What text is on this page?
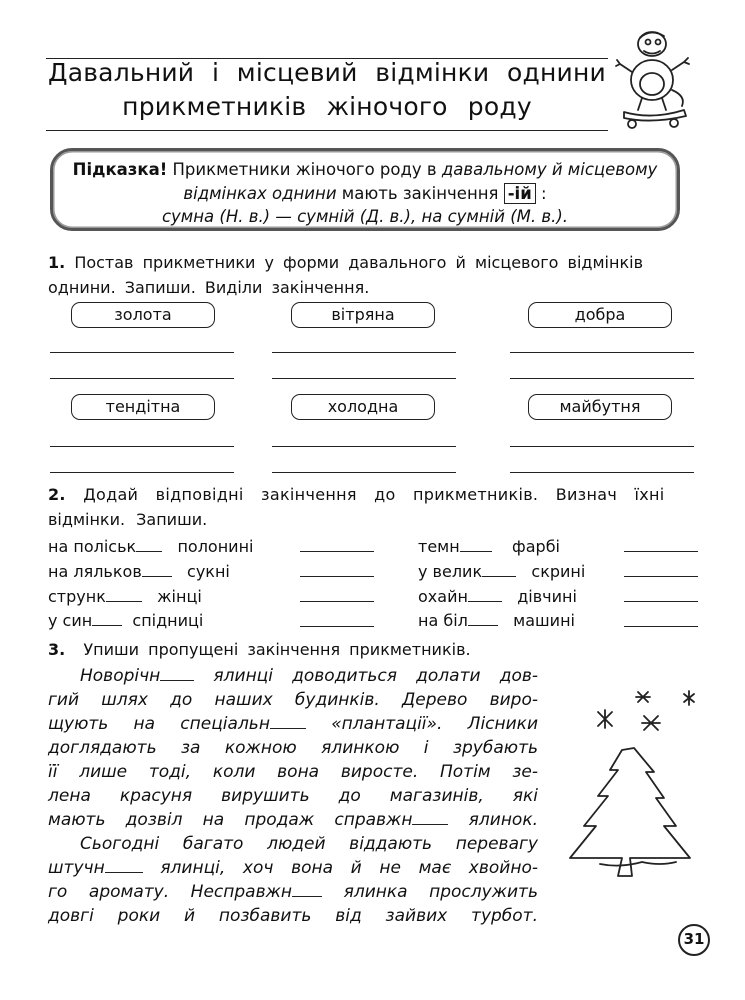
Давальний і місцевий відмінки однини
прикметників жіночого роду
Підказка! Прикметники жіночого роду в давальному й місцевому
відмінках однини мають закінчення -ій :
сумна (Н. в.) — сумній (Д. в.), на сумній (М. в.).
1. Постав прикметники у форми давального й місцевого відмінків
однини. Запиши. Виділи закінчення.
золота	вітряна	добра
тендітна	холодна	майбутня
2. Додай відповідні закінчення до прикметників. Визнач їхні
відмінки. Запиши.
на поліськ	полонині
на ляльков	сукні
струнк	жінці
у син	спідниці
темн	фарбі
у велик	скрині
охайн	дівчині
на біл	машині
3. Упиши пропущені закінчення прикметників.
Новорічн ялинці доводиться долати дов-
гий шлях до наших будинків. Дерево виро-
щують на спеціальн «плантації». Лісники
доглядають за кожною ялинкою і зрубають
її лише тоді, коли вона виросте. Потім зе-
лена красуня вирушить до магазинів, які
мають дозвіл на продаж справжн ялинок.
Сьогодні багато людей віддають перевагу
штучн ялинці, хоч вона й не має хвойно-
го аромату. Несправжн ялинка прослужить
довгі роки й позбавить від зайвих турбот.
31
